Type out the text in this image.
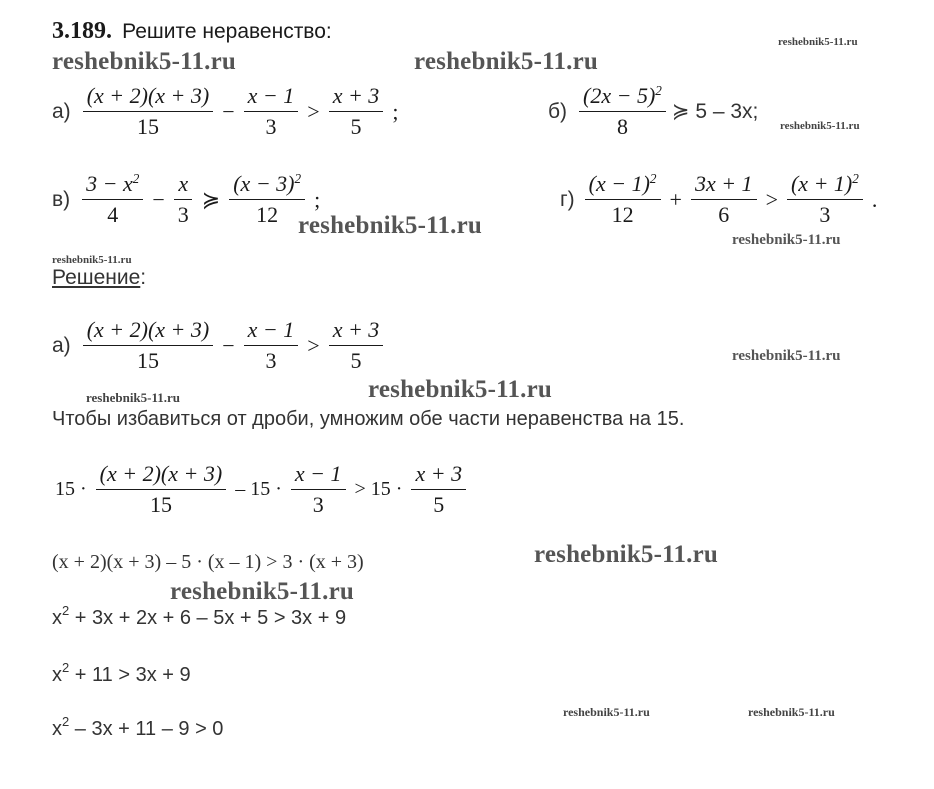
3.189. Решите неравенство:
reshebnik5-11.ru	reshebnik5-11.ru
reshebnik5-11.ru
reshebnik5-11.ru
reshebnik5-11.ru
reshebnik5-11.ru
reshebnik5-11.ru
reshebnik5-11.ru
reshebnik5-11.ru	reshebnik5-11.ru
reshebnik5-11.ru
reshebnik5-11.ru
reshebnik5-11.ru	reshebnik5-11.ru
$а) \frac{(x + 2)(x + 3)}{15} - \frac{x - 1}{3} > \frac{x + 3}{5}$ ;	$б) \frac{(2x - 5)^2}{8}$ ≽ 5 – 3x;
$в) \frac{3 - x^2}{4} - \frac{x}{3}$ ≽ $\frac{(x - 3)^2}{12}$ ;	$г) \frac{(x - 1)^2}{12} + \frac{3x + 1}{6} > \frac{(x + 1)^2}{3}$ .
Решение:
$а) \frac{(x + 2)(x + 3)}{15} - \frac{x - 1}{3} > \frac{x + 3}{5}$
Чтобы избавиться от дроби, умножим обе части неравенства на 15.
$15 \cdot \frac{(x + 2)(x + 3)}{15} - 15 \cdot \frac{x - 1}{3} > 15 \cdot \frac{x + 3}{5}$
(x + 2)(x + 3) – 5 · (x – 1) > 3 · (x + 3)
$x^2 + 3x + 2x + 6 - 5x + 5 > 3x + 9$
$x^2 + 11 > 3x + 9$
$x^2 - 3x + 11 - 9 > 0$
